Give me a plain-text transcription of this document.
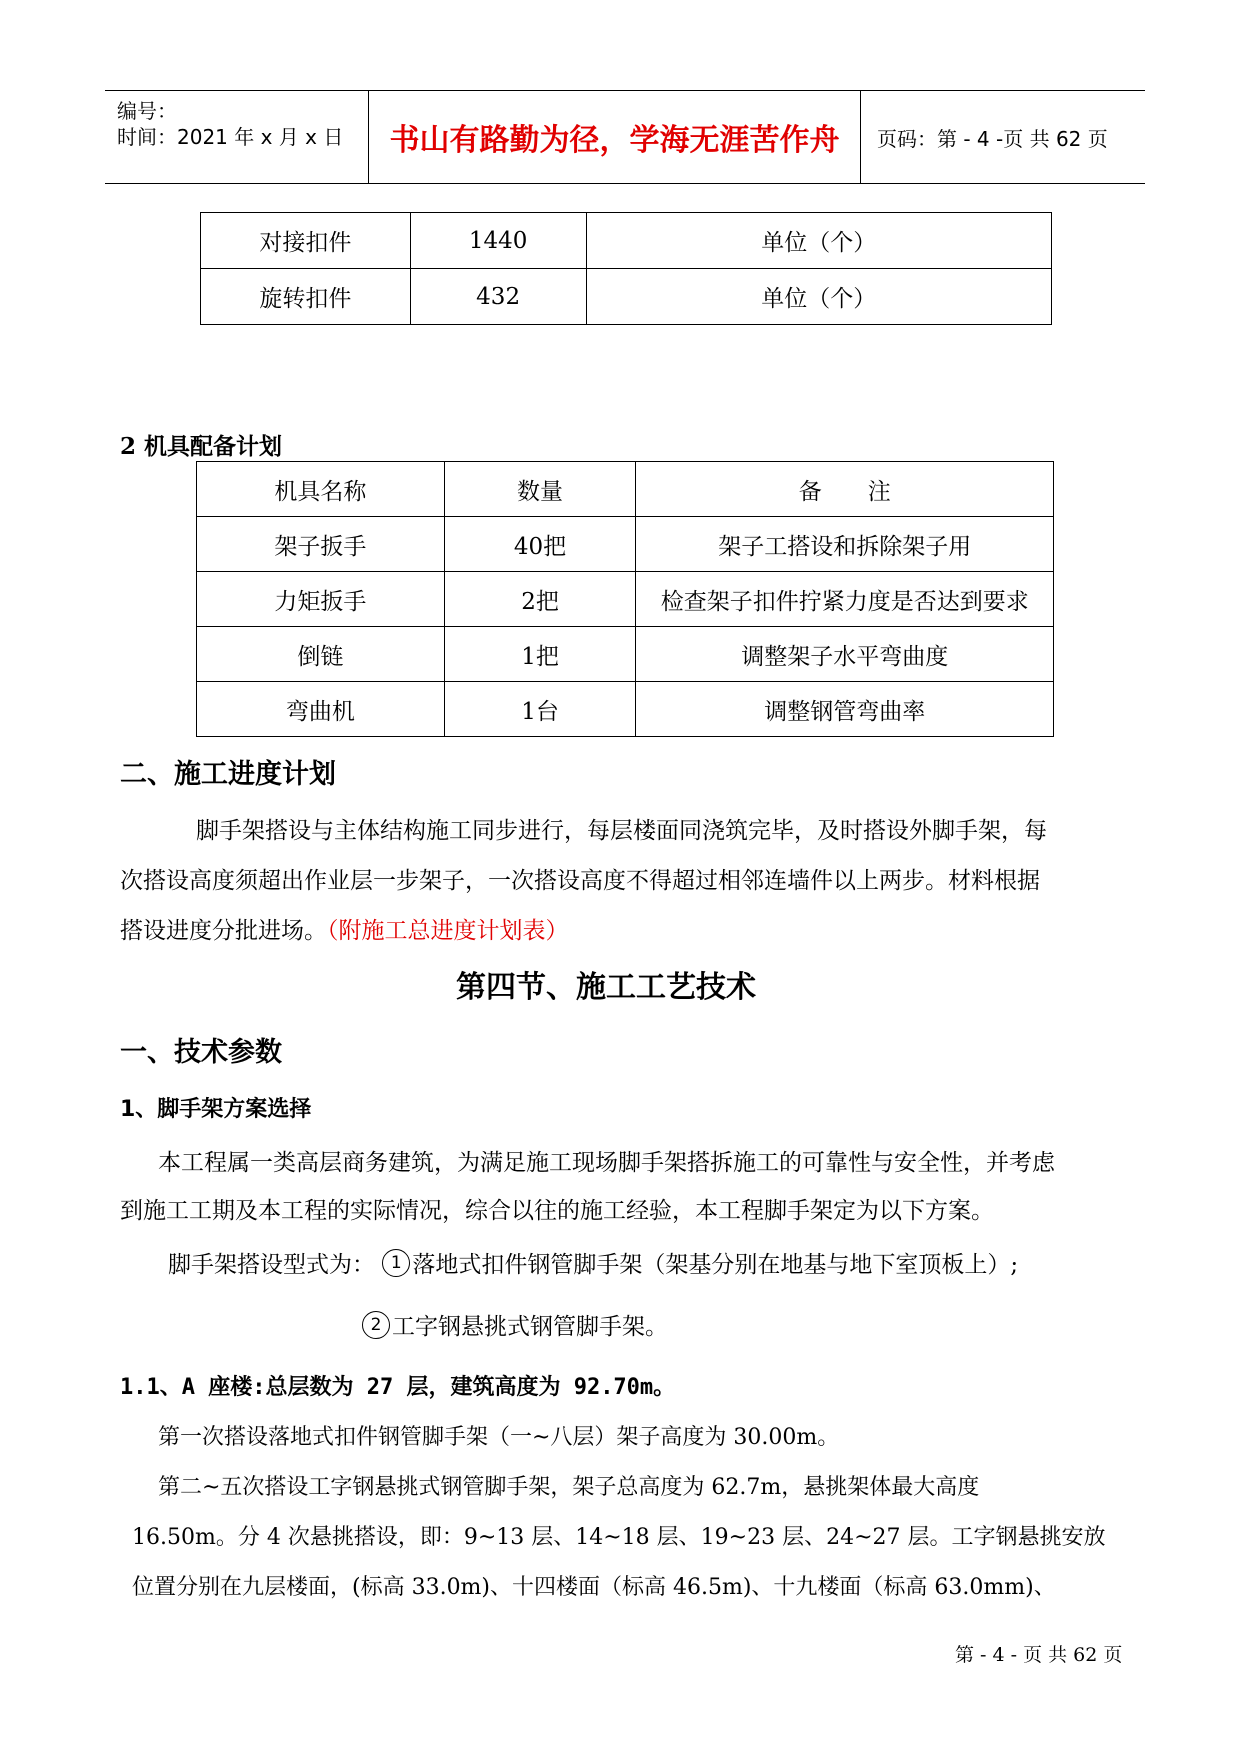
编号：
时间：2021 年 x 月 x 日	书山有路勤为径，学海无涯苦作舟	页码：第 - 4 -页 共 62 页
对接扣件	1440	单位（个）
旋转扣件	432	单位（个）
2 机具配备计划
机具名称	数量	备　　注
架子扳手	40把	架子工搭设和拆除架子用
力矩扳手	2把	检查架子扣件拧紧力度是否达到要求
倒链	1把	调整架子水平弯曲度
弯曲机	1台	调整钢管弯曲率
二、施工进度计划
脚手架搭设与主体结构施工同步进行，每层楼面同浇筑完毕，及时搭设外脚手架，每
次搭设高度须超出作业层一步架子，一次搭设高度不得超过相邻连墙件以上两步。材料根据
搭设进度分批进场。（附施工总进度计划表）
第四节、施工工艺技术
一、技术参数
1、脚手架方案选择
本工程属一类高层商务建筑，为满足施工现场脚手架搭拆施工的可靠性与安全性，并考虑
到施工工期及本工程的实际情况，综合以往的施工经验，本工程脚手架定为以下方案。
脚手架搭设型式为： 1 落地式扣件钢管脚手架（架基分别在地基与地下室顶板上）;
2 工字钢悬挑式钢管脚手架。
1.1、A 座楼:总层数为 27 层，建筑高度为 92.70m。
第一次搭设落地式扣件钢管脚手架（一~八层）架子高度为 30.00m。
第二~五次搭设工字钢悬挑式钢管脚手架，架子总高度为 62.7m，悬挑架体最大高度
16.50m。分 4 次悬挑搭设，即：9~13 层、14~18 层、19~23 层、24~27 层。工字钢悬挑安放
位置分别在九层楼面，(标高 33.0m)、十四楼面（标高 46.5m)、十九楼面（标高 63.0mm)、
第 - 4 - 页 共 62 页
